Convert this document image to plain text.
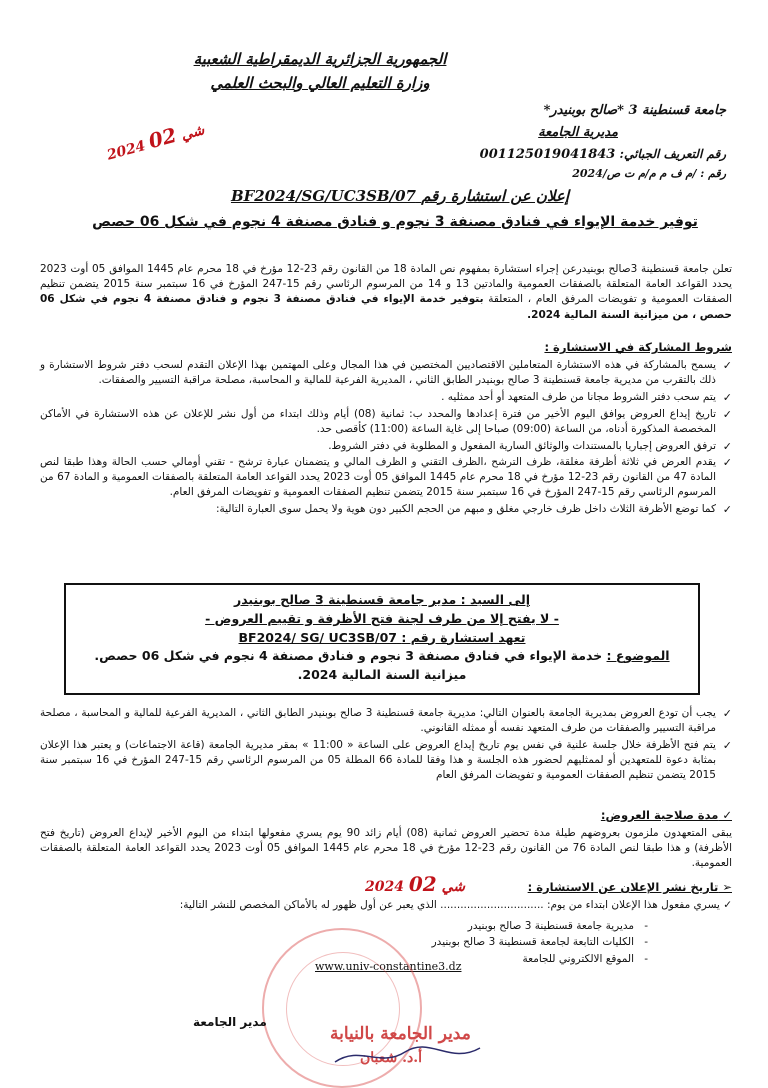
الجمهورية الجزائرية الديمقراطية الشعبية
وزارة التعليم العالي والبحث العلمي
جامعة قسنطينة 3 *صالح بوبنيدر*
مديرية الجامعة
رقم التعريف الجبائي: 001125019041843
رقم : /م ف م م/م ت ص/2024
2024 شي 02
إعلان عن استشارة رقم BF2024/SG/UC3SB/07
توفير خدمة الإيواء في فنادق مصنفة 3 نجوم و فنادق مصنفة 4 نجوم في شكل 06 حصص
تعلن جامعة قسنطينة 3صالح بوبنيدرعن إجراء استشارة بمفهوم نص المادة 18 من القانون رقم 23-12 مؤرخ في 18 محرم عام 1445 الموافق 05 أوت 2023 يحدد القواعد العامة المتعلقة بالصفقات العمومية والمادتين 13 و 14 من المرسوم الرئاسي رقم 15-247 المؤرخ في 16 سبتمبر سنة 2015 يتضمن تنظيم الصفقات العمومية و تفويضات المرفق العام ، المتعلقة بتوفير خدمة الإيواء في فنادق مصنفة 3 نجوم و فنادق مصنفة 4 نجوم في شكل 06 حصص ، من ميزانية السنة المالية 2024.
شروط المشاركة في الاستشارة :
✓
يسمح بالمشاركة في هذه الاستشارة المتعاملين الاقتصاديين المختصين في هذا المجال وعلى المهتمين بهذا الإعلان التقدم لسحب دفتر شروط الاستشارة و ذلك بالتقرب من مديرية جامعة قسنطينة 3 صالح بوبنيدر الطابق الثاني ، المديرية الفرعية للمالية و المحاسبة، مصلحة مراقبة التسيير والصفقات.
✓
يتم سحب دفتر الشروط مجانا من طرف المتعهد أو أحد ممثليه .
✓
تاريخ إيداع العروض يوافق اليوم الأخير من فترة إعدادها والمحدد ب: ثمانية (08) أيام وذلك ابتداء من أول نشر للإعلان عن هذه الاستشارة في الأماكن المخصصة المذكورة أدناه، من الساعة (09:00) صباحا إلى غاية الساعة (11:00) كأقصى حد.
✓
ترفق العروض إجباريا بالمستندات والوثائق السارية المفعول و المطلوبة في دفتر الشروط.
✓
يقدم العرض في ثلاثة أظرفة مغلقة، ظرف الترشح ،الظرف التقني و الظرف المالي و يتضمنان عبارة ترشح - تقني أومالي حسب الحالة وهذا طبقا لنص المادة 47 من القانون رقم 23-12 مؤرخ في 18 محرم عام 1445 الموافق 05 أوت 2023 يحدد القواعد العامة المتعلقة بالصفقات العمومية و المادة 67 من المرسوم الرئاسي رقم 15-247 المؤرخ في 16 سبتمبر سنة 2015 يتضمن تنظيم الصفقات العمومية و تفويضات المرفق العام.
✓
كما توضع الأظرفة الثلاث داخل ظرف خارجي مغلق و مبهم من الحجم الكبير دون هوية ولا يحمل سوى العبارة التالية:
إلى السيد : مدير جامعة قسنطينة 3 صالح بوبنيدر
- لا يفتح إلا من طرف لجنة فتح الأظرفة و تقييم العروض -
تعهد استشارة رقم : BF2024/ SG/ UC3SB/07
الموضوع : خدمة الإيواء في فنادق مصنفة 3 نجوم و فنادق مصنفة 4 نجوم في شكل 06 حصص.
ميزانية السنة المالية 2024.
✓
يجب أن تودع العروض بمديرية الجامعة بالعنوان التالي: مديرية جامعة قسنطينة 3 صالح بوبنيدر الطابق الثاني ، المديرية الفرعية للمالية و المحاسبة ، مصلحة مراقبة التسيير والصفقات من طرف المتعهد نفسه أو ممثله القانوني.
✓
يتم فتح الأظرفة خلال جلسة علنية في نفس يوم تاريخ إيداع العروض على الساعة « 11:00 » بمقر مديرية الجامعة (قاعة الاجتماعات) و يعتبر هذا الإعلان بمثابة دعوة للمتعهدين أو لممثليهم لحضور هذه الجلسة و هذا وفقا للمادة 66 المطلة 05 من المرسوم الرئاسي رقم 15-247 المؤرخ في 16 سبتمبر سنة 2015 يتضمن تنظيم الصفقات العمومية و تفويضات المرفق العام
✓ مدة صلاحية العروض:
يبقى المتعهدون ملزمون بعروضهم طيلة مدة تحضير العروض ثمانية (08) أيام زائد 90 يوم يسري مفعولها ابتداء من اليوم الأخير لإيداع العروض (تاريخ فتح الأظرفة) و هذا طبقا لنص المادة 76 من القانون رقم 23-12 مؤرخ في 18 محرم عام 1445 الموافق 05 أوت 2023 يحدد القواعد العامة المتعلقة بالصفقات العمومية.
2024	شي 02	➢ تاريخ نشر الإعلان عن الاستشارة :
✓ يسري مفعول هذا الإعلان ابتداء من يوم: ............................... الذي يعبر عن أول ظهور له بالأماكن المخصص للنشر التالية:
-
مديرية جامعة قسنطينة 3 صالح بوبنيدر
-
الكليات التابعة لجامعة قسنطينة 3 صالح بوبنيدر
-
الموقع الالكتروني للجامعة
www.univ-constantine3.dz
مدير الجامعة
مدير الجامعة بالنيابة
أ.د. شعبان
